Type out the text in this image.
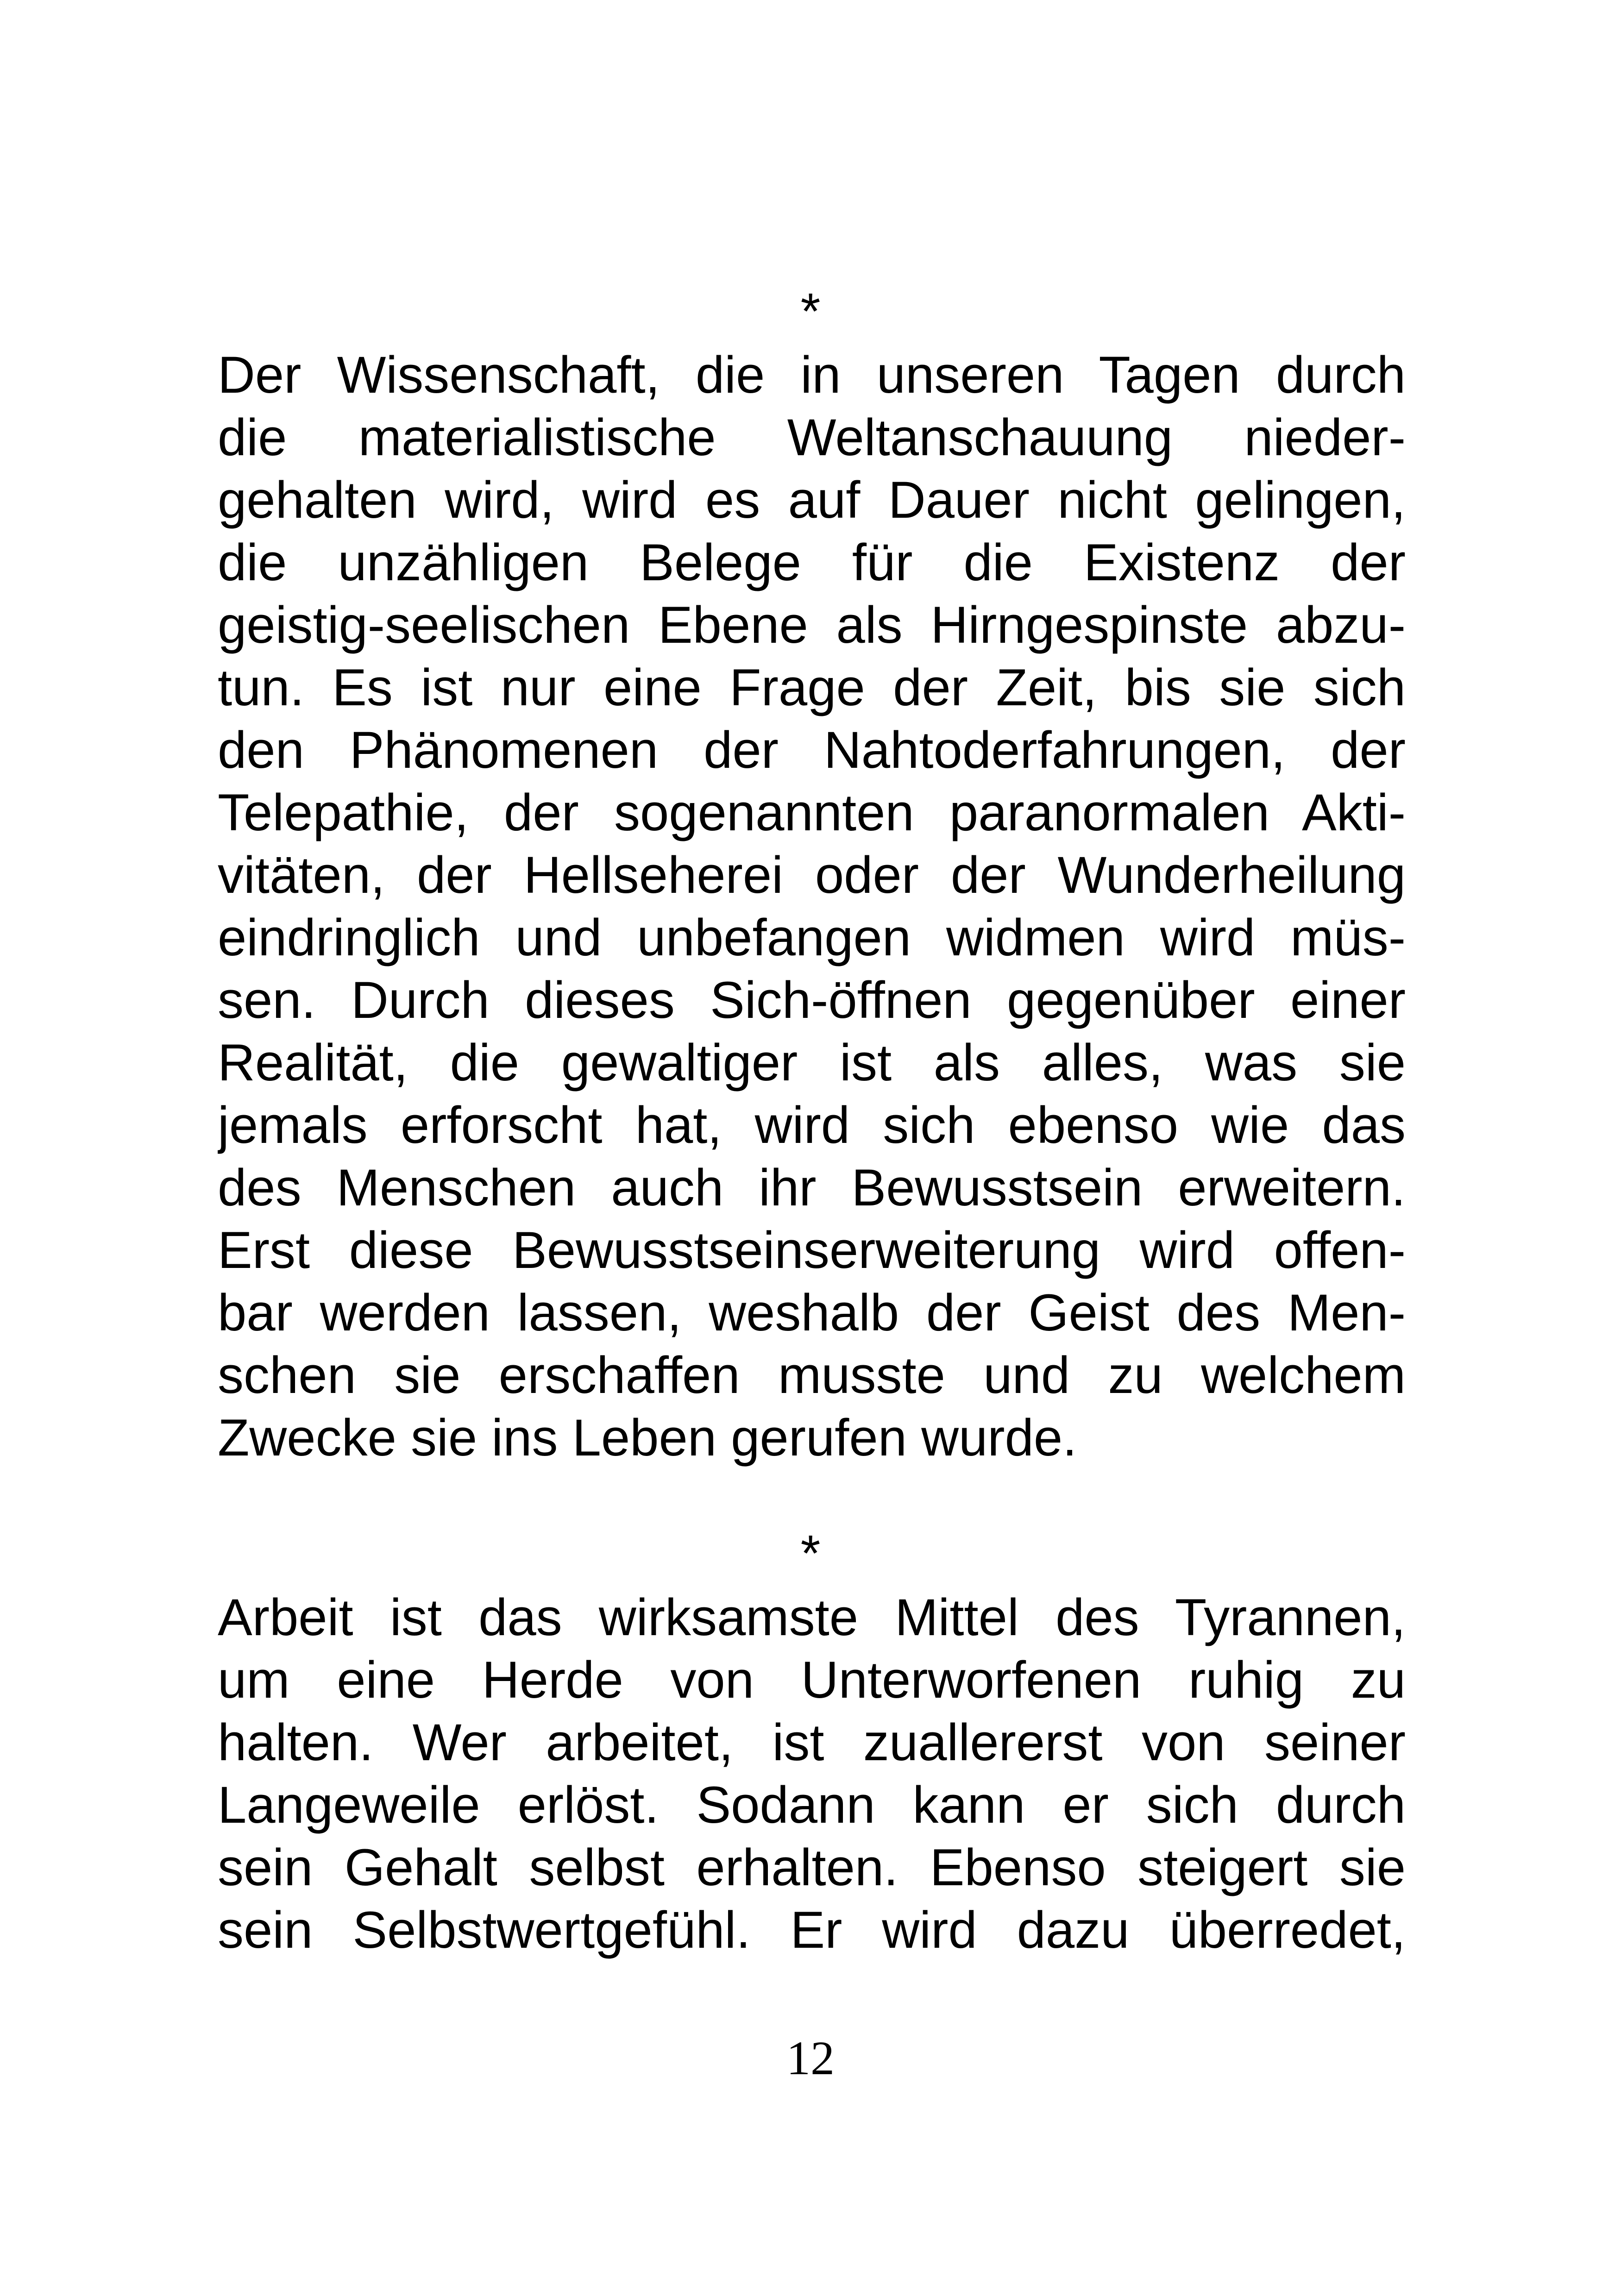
*

Der Wissenschaft, die in unseren Tagen durch
die materialistische Weltanschauung nieder-
gehalten wird, wird es auf Dauer nicht gelingen,
die unzähligen Belege für die Existenz der
geistig-seelischen Ebene als Hirngespinste abzu-
tun. Es ist nur eine Frage der Zeit, bis sie sich
den Phänomenen der Nahtoderfahrungen, der
Telepathie, der sogenannten paranormalen Akti-
vitäten, der Hellseherei oder der Wunderheilung
eindringlich und unbefangen widmen wird müs-
sen. Durch dieses Sich-öffnen gegenüber einer
Realität, die gewaltiger ist als alles, was sie
jemals erforscht hat, wird sich ebenso wie das
des Menschen auch ihr Bewusstsein erweitern.
Erst diese Bewusstseinserweiterung wird offen-
bar werden lassen, weshalb der Geist des Men-
schen sie erschaffen musste und zu welchem
Zwecke sie ins Leben gerufen wurde.

*

Arbeit ist das wirksamste Mittel des Tyrannen,
um eine Herde von Unterworfenen ruhig zu
halten. Wer arbeitet, ist zuallererst von seiner
Langeweile erlöst. Sodann kann er sich durch
sein Gehalt selbst erhalten. Ebenso steigert sie
sein Selbstwertgefühl. Er wird dazu überredet,

12
